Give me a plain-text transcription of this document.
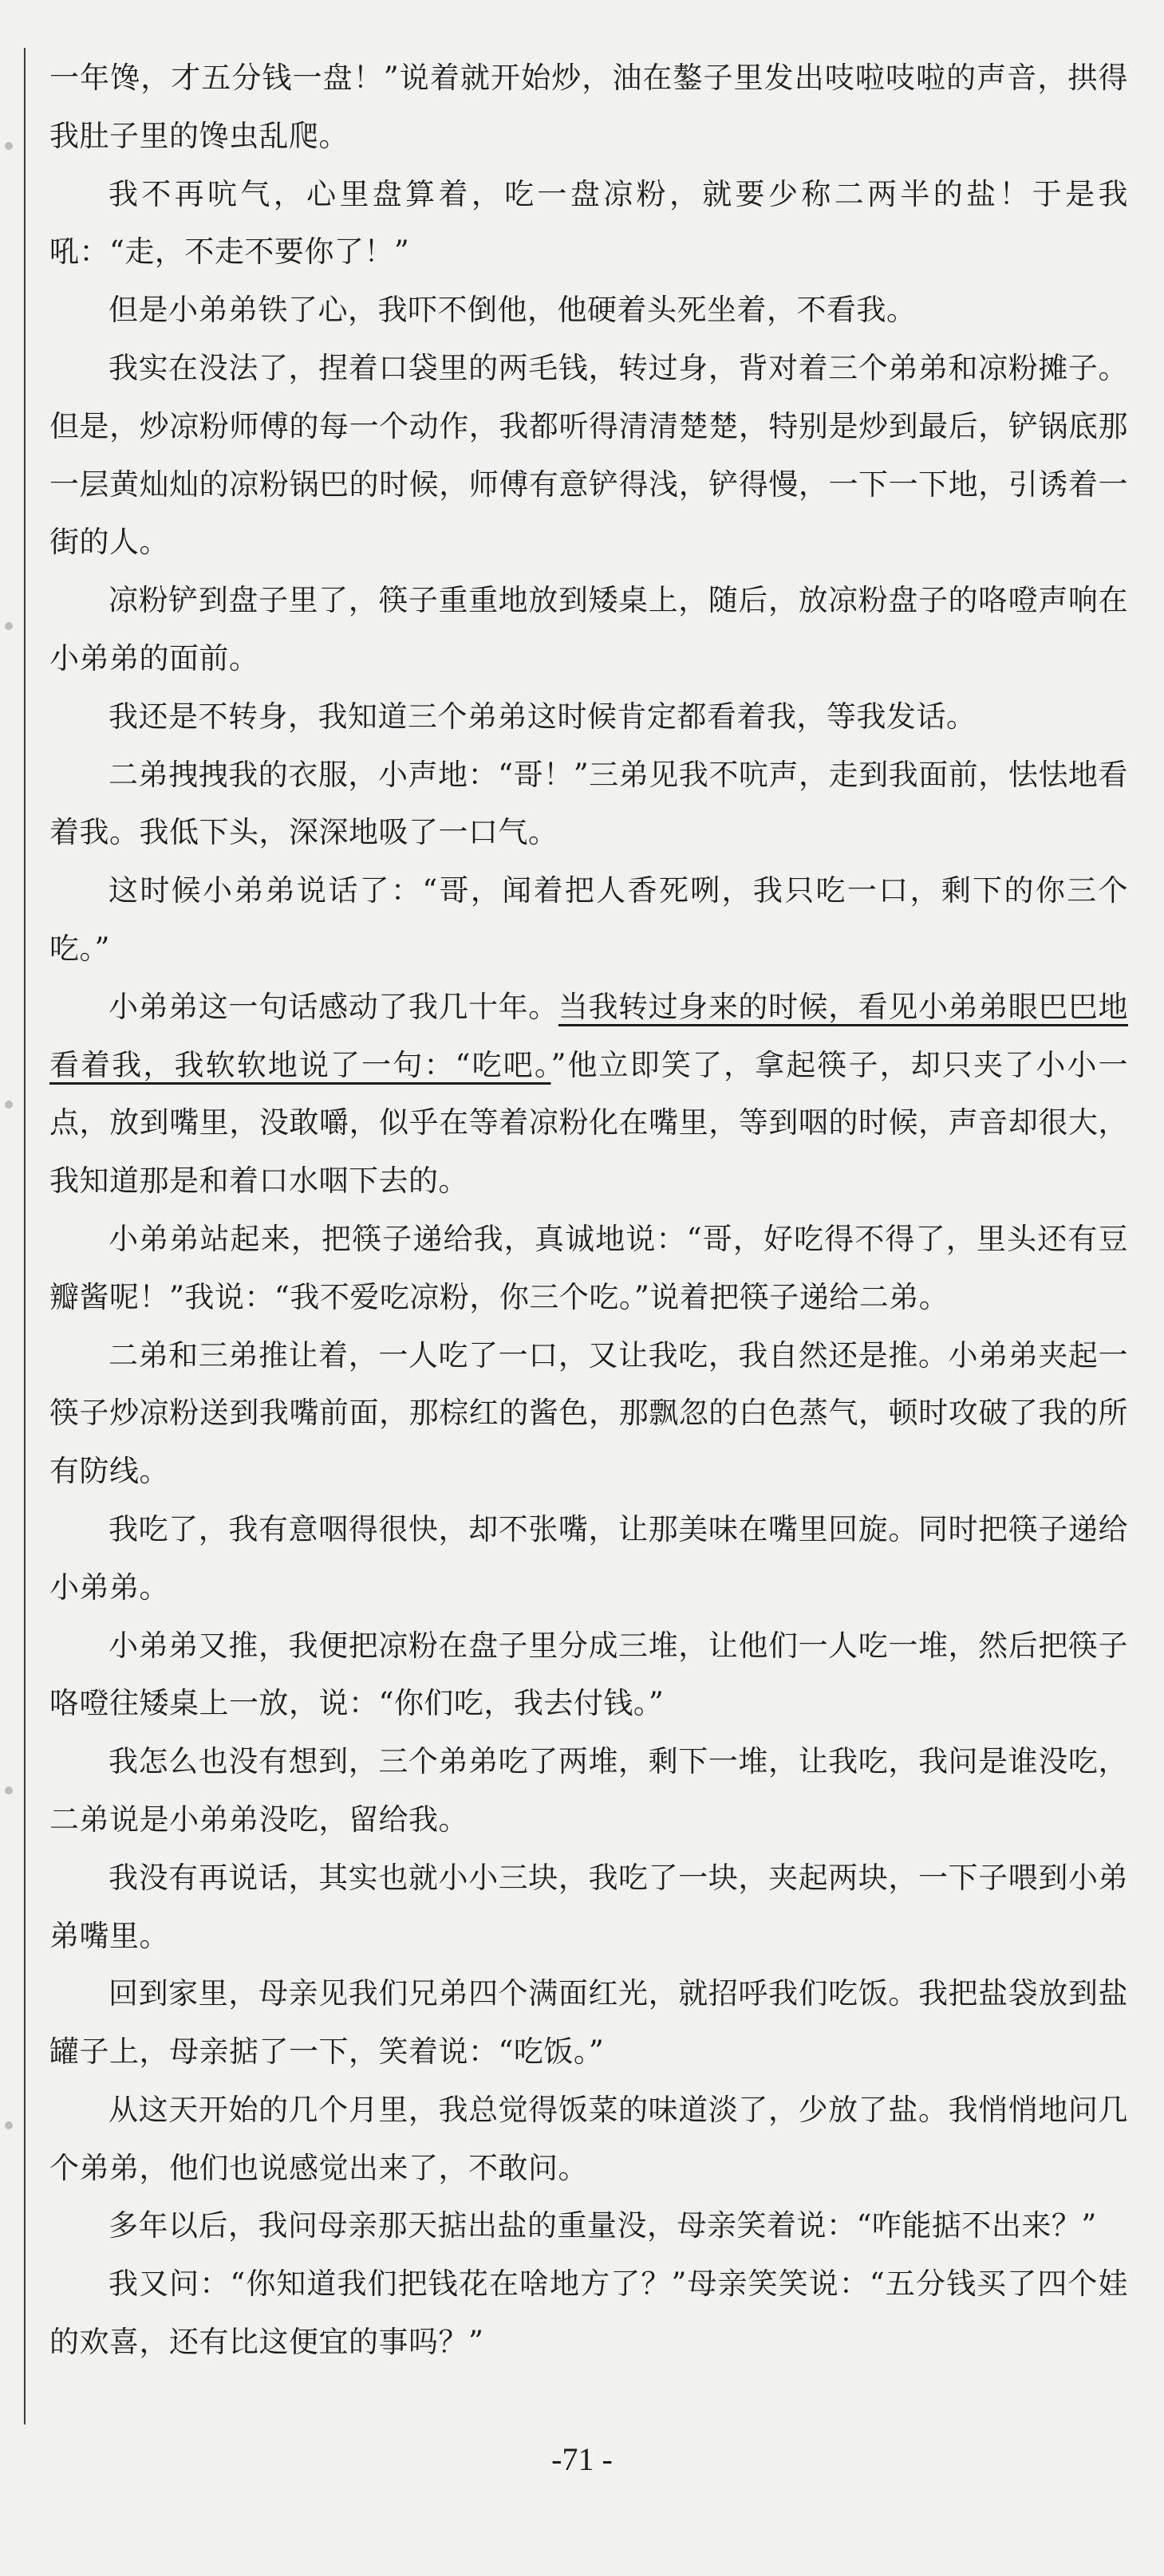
一年馋，才五分钱一盘！”说着就开始炒，油在鏊子里发出吱啦吱啦的声音，拱得我肚子里的馋虫乱爬。

我不再吭气，心里盘算着，吃一盘凉粉，就要少称二两半的盐！于是我吼：“走，不走不要你了！”

但是小弟弟铁了心，我吓不倒他，他硬着头死坐着，不看我。

我实在没法了，捏着口袋里的两毛钱，转过身，背对着三个弟弟和凉粉摊子。但是，炒凉粉师傅的每一个动作，我都听得清清楚楚，特别是炒到最后，铲锅底那一层黄灿灿的凉粉锅巴的时候，师傅有意铲得浅，铲得慢，一下一下地，引诱着一街的人。

凉粉铲到盘子里了，筷子重重地放到矮桌上，随后，放凉粉盘子的咯噔声响在小弟弟的面前。

我还是不转身，我知道三个弟弟这时候肯定都看着我，等我发话。

二弟拽拽我的衣服，小声地：“哥！”三弟见我不吭声，走到我面前，怯怯地看着我。我低下头，深深地吸了一口气。

这时候小弟弟说话了：“哥，闻着把人香死咧，我只吃一口，剩下的你三个吃。”

小弟弟这一句话感动了我几十年。当我转过身来的时候，看见小弟弟眼巴巴地看着我，我软软地说了一句：“吃吧。”他立即笑了，拿起筷子，却只夹了小小一点，放到嘴里，没敢嚼，似乎在等着凉粉化在嘴里，等到咽的时候，声音却很大，我知道那是和着口水咽下去的。

小弟弟站起来，把筷子递给我，真诚地说：“哥，好吃得不得了，里头还有豆瓣酱呢！”我说：“我不爱吃凉粉，你三个吃。”说着把筷子递给二弟。

二弟和三弟推让着，一人吃了一口，又让我吃，我自然还是推。小弟弟夹起一筷子炒凉粉送到我嘴前面，那棕红的酱色，那飘忽的白色蒸气，顿时攻破了我的所有防线。

我吃了，我有意咽得很快，却不张嘴，让那美味在嘴里回旋。同时把筷子递给小弟弟。

小弟弟又推，我便把凉粉在盘子里分成三堆，让他们一人吃一堆，然后把筷子咯噔往矮桌上一放，说：“你们吃，我去付钱。”

我怎么也没有想到，三个弟弟吃了两堆，剩下一堆，让我吃，我问是谁没吃，二弟说是小弟弟没吃，留给我。

我没有再说话，其实也就小小三块，我吃了一块，夹起两块，一下子喂到小弟弟嘴里。

回到家里，母亲见我们兄弟四个满面红光，就招呼我们吃饭。我把盐袋放到盐罐子上，母亲掂了一下，笑着说：“吃饭。”

从这天开始的几个月里，我总觉得饭菜的味道淡了，少放了盐。我悄悄地问几个弟弟，他们也说感觉出来了，不敢问。

多年以后，我问母亲那天掂出盐的重量没，母亲笑着说：“咋能掂不出来？”

我又问：“你知道我们把钱花在啥地方了？”母亲笑笑说：“五分钱买了四个娃的欢喜，还有比这便宜的事吗？”

-71 -
